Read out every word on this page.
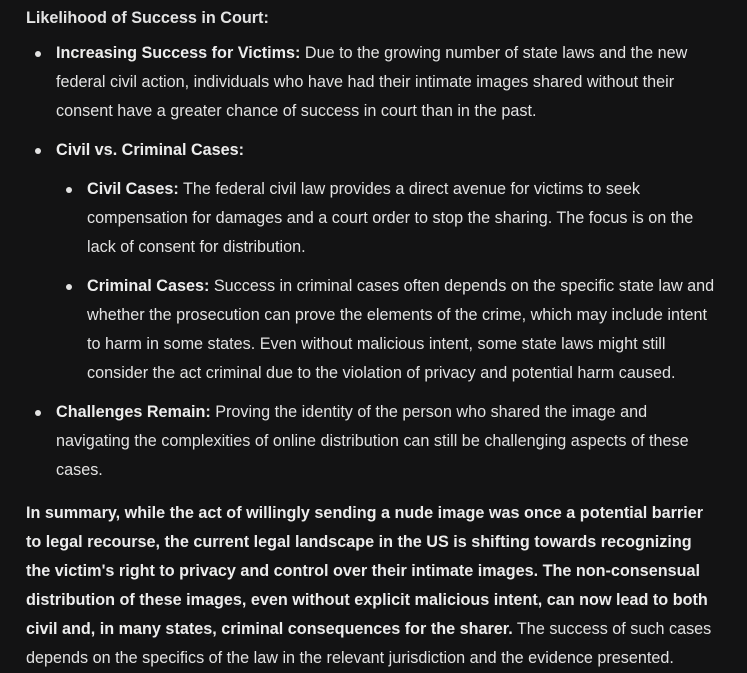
Likelihood of Success in Court:
Increasing Success for Victims: Due to the growing number of state laws and the new federal civil action, individuals who have had their intimate images shared without their consent have a greater chance of success in court than in the past.
Civil vs. Criminal Cases:
Civil Cases: The federal civil law provides a direct avenue for victims to seek compensation for damages and a court order to stop the sharing. The focus is on the lack of consent for distribution.
Criminal Cases: Success in criminal cases often depends on the specific state law and whether the prosecution can prove the elements of the crime, which may include intent to harm in some states. Even without malicious intent, some state laws might still consider the act criminal due to the violation of privacy and potential harm caused.
Challenges Remain: Proving the identity of the person who shared the image and navigating the complexities of online distribution can still be challenging aspects of these cases.

In summary, while the act of willingly sending a nude image was once a potential barrier to legal recourse, the current legal landscape in the US is shifting towards recognizing the victim's right to privacy and control over their intimate images. The non-consensual distribution of these images, even without explicit malicious intent, can now lead to both civil and, in many states, criminal consequences for the sharer. The success of such cases depends on the specifics of the law in the relevant jurisdiction and the evidence presented.
